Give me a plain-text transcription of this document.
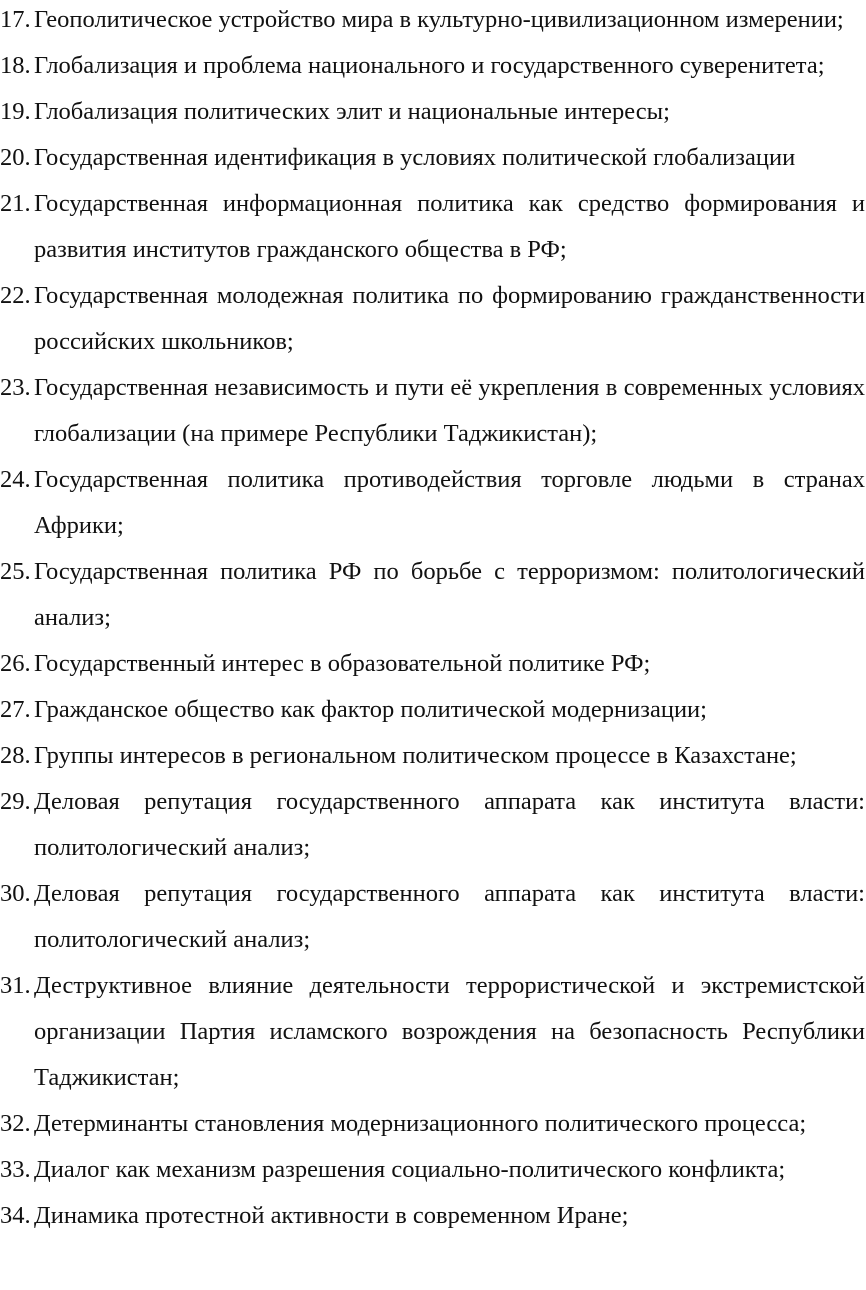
17. Геополитическое устройство мира в культурно-цивилизационном измерении;
18. Глобализация и проблема национального и государственного суверенитета;
19. Глобализация политических элит и национальные интересы;
20. Государственная идентификация в условиях политической глобализации
21. Государственная информационная политика как средство формирования и развития институтов гражданского общества в РФ;
22. Государственная молодежная политика по формированию гражданственности российских школьников;
23. Государственная независимость и пути её укрепления в современных условиях глобализации (на примере Республики Таджикистан);
24. Государственная политика противодействия торговле людьми в странах Африки;
25. Государственная политика РФ по борьбе с терроризмом: политологический анализ;
26. Государственный интерес в образовательной политике РФ;
27. Гражданское общество как фактор политической модернизации;
28. Группы интересов в региональном политическом процессе в Казахстане;
29. Деловая репутация государственного аппарата как института власти: политологический анализ;
30. Деловая репутация государственного аппарата как института власти: политологический анализ;
31. Деструктивное влияние деятельности террористической и экстремистской организации Партия исламского возрождения на безопасность Республики Таджикистан;
32. Детерминанты становления модернизационного политического процесса;
33. Диалог как механизм разрешения социально-политического конфликта;
34. Динамика протестной активности в современном Иране;
